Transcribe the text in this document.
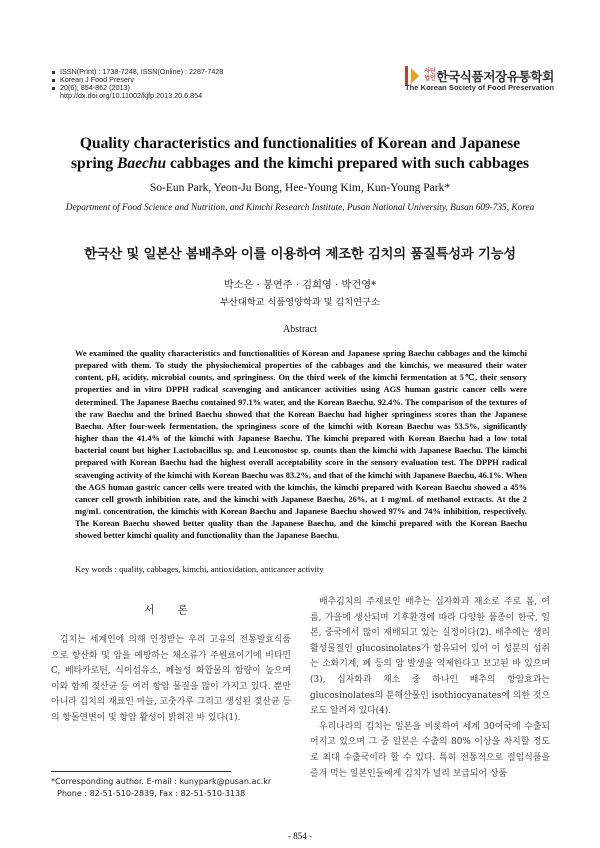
ISSN(Print) : 1738-7248, ISSN(Online) : 2287-7428
Korean J Food Preserv
20(6), 854-862 (2013)
http://dx.doi.org/10.11002/kjfp.2013.20.6.854
사단법인 한국식품저장유통학회
The Korean Society of Food Preservation
Quality characteristics and functionalities of Korean and Japanese
spring Baechu cabbages and the kimchi prepared with such cabbages
So-Eun Park, Yeon-Ju Bong, Hee-Young Kim, Kun-Young Park*
Department of Food Science and Nutrition, and Kimchi Research Institute, Pusan National University, Busan 609-735, Korea
한국산 및 일본산 봄배추와 이를 이용하여 제조한 김치의 품질특성과 기능성
박소은 · 봉연주 · 김희영 · 박건영*
부산대학교 식품영양학과 및 김치연구소
Abstract
We examined the quality characteristics and functionalities of Korean and Japanese spring Baechu cabbages and the kimchi prepared with them. To study the physiochemical properties of the cabbages and the kimchis, we measured their water content, pH, acidity, microbial counts, and springiness. On the third week of the kimchi fermentation at 5℃, their sensory properties and in vitro DPPH radical scavenging and anticancer activities using AGS human gastric cancer cells were determined. The Japanese Baechu contained 97.1% water, and the Korean Baechu, 92.4%. The comparison of the textures of the raw Baechu and the brined Baechu showed that the Korean Baechu had higher springiness scores than the Japanese Baechu. After four-week fermentation, the springiness score of the kimchi with Korean Baechu was 53.5%, significantly higher than the 41.4% of the kimchi with Japanese Baechu. The kimchi prepared with Korean Baechu had a low total bacterial count but higher Lactobacillus sp. and Leuconostoc sp. counts than the kimchi with Japanese Baechu. The kimchi prepared with Korean Baechu had the highest overall acceptability score in the sensory evaluation test. The DPPH radical scavenging activity of the kimchi with Korean Baechu was 83.2%, and that of the kimchi with Japanese Baechu, 46.1%. When the AGS human gastric cancer cells were treated with the kimchis, the kimchi prepared with Korean Baechu showed a 45% cancer cell growth inhibition rate, and the kimchi with Japanese Baechu, 26%, at 1 mg/mL of methanol extracts. At the 2 mg/mL concentration, the kimchis with Korean Baechu and Japanese Baechu showed 97% and 74% inhibition, respectively. The Korean Baechu showed better quality than the Japanese Baechu, and the kimchi prepared with the Korean Baechu showed better kimchi quality and functionality than the Japanese Baechu.
Key words : quality, cabbages, kimchi, antioxidation, anticancer activity
서 론
김치는 세계인에 의해 인정받는 우리 고유의 전통발효식품으로 항산화 및 암을 예방하는 채소류가 주원료이기에 비타민 C, 베타카로틴, 식이섬유소, 페놀성 화합물의 함량이 높으며 이와 함께 젖산균 등 여러 항암 물질을 많이 가지고 있다. 뿐만 아니라 김치의 재료인 마늘, 고춧가루 그리고 생성된 젖산균 등의 항돌연변이 및 항암 활성이 밝혀진 바 있다(1).

배추김치의 주재료인 배추는 십자화과 채소로 주로 봄, 여름, 가을에 생산되며 기후환경에 따라 다양한 품종이 한국, 일본, 중국에서 많이 재배되고 있는 실정이다(2). 배추에는 생리활성물질인 glucosinolates가 함유되어 있어 이 성분의 섭취는 소화기계, 폐 등의 암 발생을 억제한다고 보고된 바 있으며(3), 십자화과 채소 중 하나인 배추의 항암효과는 glucosinolates의 분해산물인 isothiocyanates에 의한 것으로도 알려져 있다(4).

우리나라의 김치는 일본을 비롯하여 세계 30여국에 수출되어지고 있으며 그 중 일본은 수출의 80% 이상을 차지할 정도로 최대 수출국이라 할 수 있다. 특히 전통적으로 절임식품을 즐겨 먹는 일본인들에게 김치가 널리 보급되어 상품

*Corresponding author. E-mail : kunypark@pusan.ac.kr
Phone : 82-51-510-2839, Fax : 82-51-510-3138
- 854 -
